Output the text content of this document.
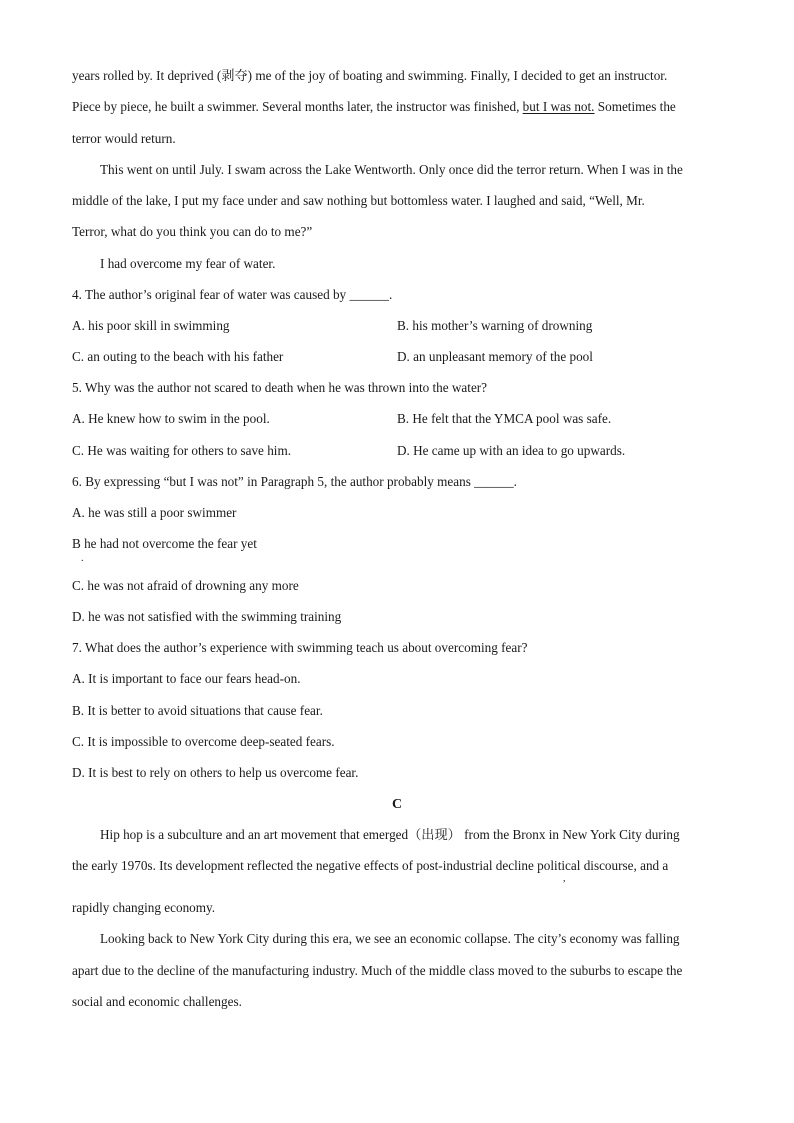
years rolled by. It deprived (剥夺) me of the joy of boating and swimming. Finally, I decided to get an instructor.
Piece by piece, he built a swimmer. Several months later, the instructor was finished, but I was not. Sometimes the
terror would return.
This went on until July. I swam across the Lake Wentworth. Only once did the terror return. When I was in the
middle of the lake, I put my face under and saw nothing but bottomless water. I laughed and said, “Well, Mr.
Terror, what do you think you can do to me?”
I had overcome my fear of water.
4. The author’s original fear of water was caused by ______.
A. his poor skill in swimming	B. his mother’s warning of drowning
C. an outing to the beach with his father	D. an unpleasant memory of the pool
5. Why was the author not scared to death when he was thrown into the water?
A. He knew how to swim in the pool.	B. He felt that the YMCA pool was safe.
C. He was waiting for others to save him.	D. He came up with an idea to go upwards.
6. By expressing “but I was not” in Paragraph 5, the author probably means ______.
A. he was still a poor swimmer
B he had not overcome the fear yet
.
C. he was not afraid of drowning any more
D. he was not satisfied with the swimming training
7. What does the author’s experience with swimming teach us about overcoming fear?
A. It is important to face our fears head-on.
B. It is better to avoid situations that cause fear.
C. It is impossible to overcome deep-seated fears.
D. It is best to rely on others to help us overcome fear.
C
Hip hop is a subculture and an art movement that emerged（出现） from the Bronx in New York City during
the early 1970s. Its development reflected the negative effects of post-industrial decline political discourse, and a
,
rapidly changing economy.
Looking back to New York City during this era, we see an economic collapse. The city’s economy was falling
apart due to the decline of the manufacturing industry. Much of the middle class moved to the suburbs to escape the
social and economic challenges.
